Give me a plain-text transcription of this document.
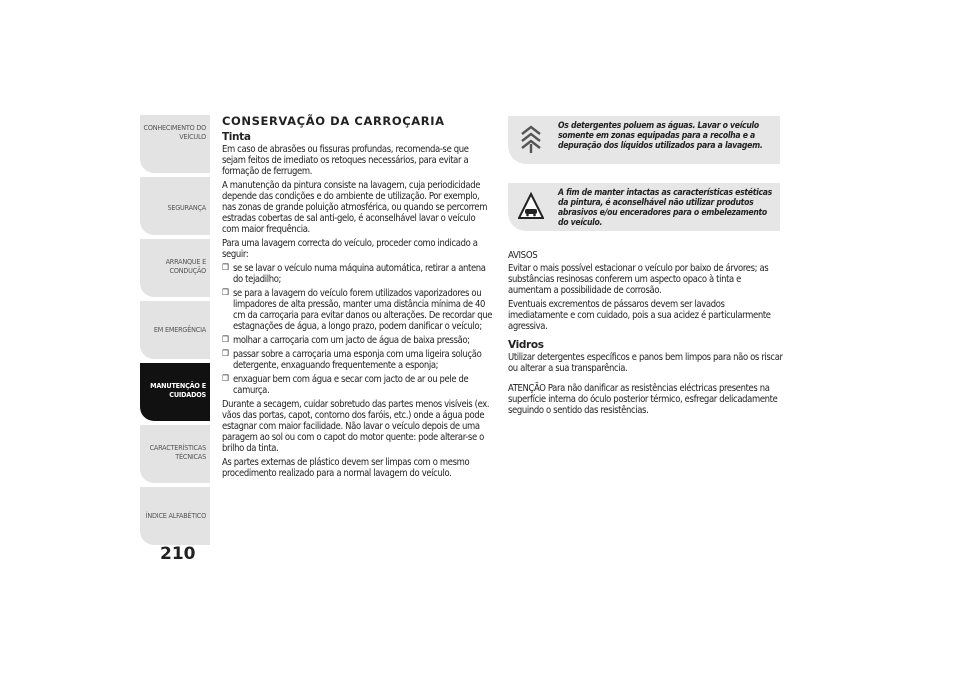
CONHECIMENTO DO
VEÍCULO
SEGURANÇA
ARRANQUE E
CONDUÇÃO
EM EMERGÊNCIA
MANUTENÇÃO E
CUIDADOS
CARACTERÍSTICAS
TÉCNICAS
ÍNDICE ALFABÉTICO
210
CONSERVAÇÃO DA CARROÇARIA
Tinta

Em caso de abrasões ou fissuras profundas, recomenda-se que sejam feitos de imediato os retoques necessários, para evitar a formação de ferrugem.

A manutenção da pintura consiste na lavagem, cuja periodicidade depende das condições e do ambiente de utilização. Por exemplo, nas zonas de grande poluição atmosférica, ou quando se percorrem estradas cobertas de sal anti-gelo, é aconselhável lavar o veículo com maior frequência.

Para uma lavagem correcta do veículo, proceder como indicado a seguir:

❒ se se lavar o veículo numa máquina automática, retirar a antena do tejadilho;
❒ se para a lavagem do veículo forem utilizados vaporizadores ou limpadores de alta pressão, manter uma distância mínima de 40 cm da carroçaria para evitar danos ou alterações. De recordar que estagnações de água, a longo prazo, podem danificar o veículo;
❒ molhar a carroçaria com um jacto de água de baixa pressão;
❒ passar sobre a carroçaria uma esponja com uma ligeira solução detergente, enxaguando frequentemente a esponja;
❒ enxaguar bem com água e secar com jacto de ar ou pele de camurça.

Durante a secagem, cuidar sobretudo das partes menos visíveis (ex. vãos das portas, capot, contorno dos faróis, etc.) onde a água pode estagnar com maior facilidade. Não lavar o veículo depois de uma paragem ao sol ou com o capot do motor quente: pode alterar-se o brilho da tinta.

As partes externas de plástico devem ser limpas com o mesmo procedimento realizado para a normal lavagem do veículo.

Os detergentes poluem as águas. Lavar o veículo somente em zonas equipadas para a recolha e a depuração dos líquidos utilizados para a lavagem.
A fim de manter intactas as características estéticas da pintura, é aconselhável não utilizar produtos abrasivos e/ou enceradores para o embelezamento do veículo.

AVISOS

Evitar o mais possível estacionar o veículo por baixo de árvores; as substâncias resinosas conferem um aspecto opaco à tinta e aumentam a possibilidade de corrosão.

Eventuais excrementos de pássaros devem ser lavados imediatamente e com cuidado, pois a sua acidez é particularmente agressiva.

Vidros

Utilizar detergentes específicos e panos bem limpos para não os riscar ou alterar a sua transparência.

ATENÇÃO Para não danificar as resistências eléctricas presentes na superfície interna do óculo posterior térmico, esfregar delicadamente seguindo o sentido das resistências.
